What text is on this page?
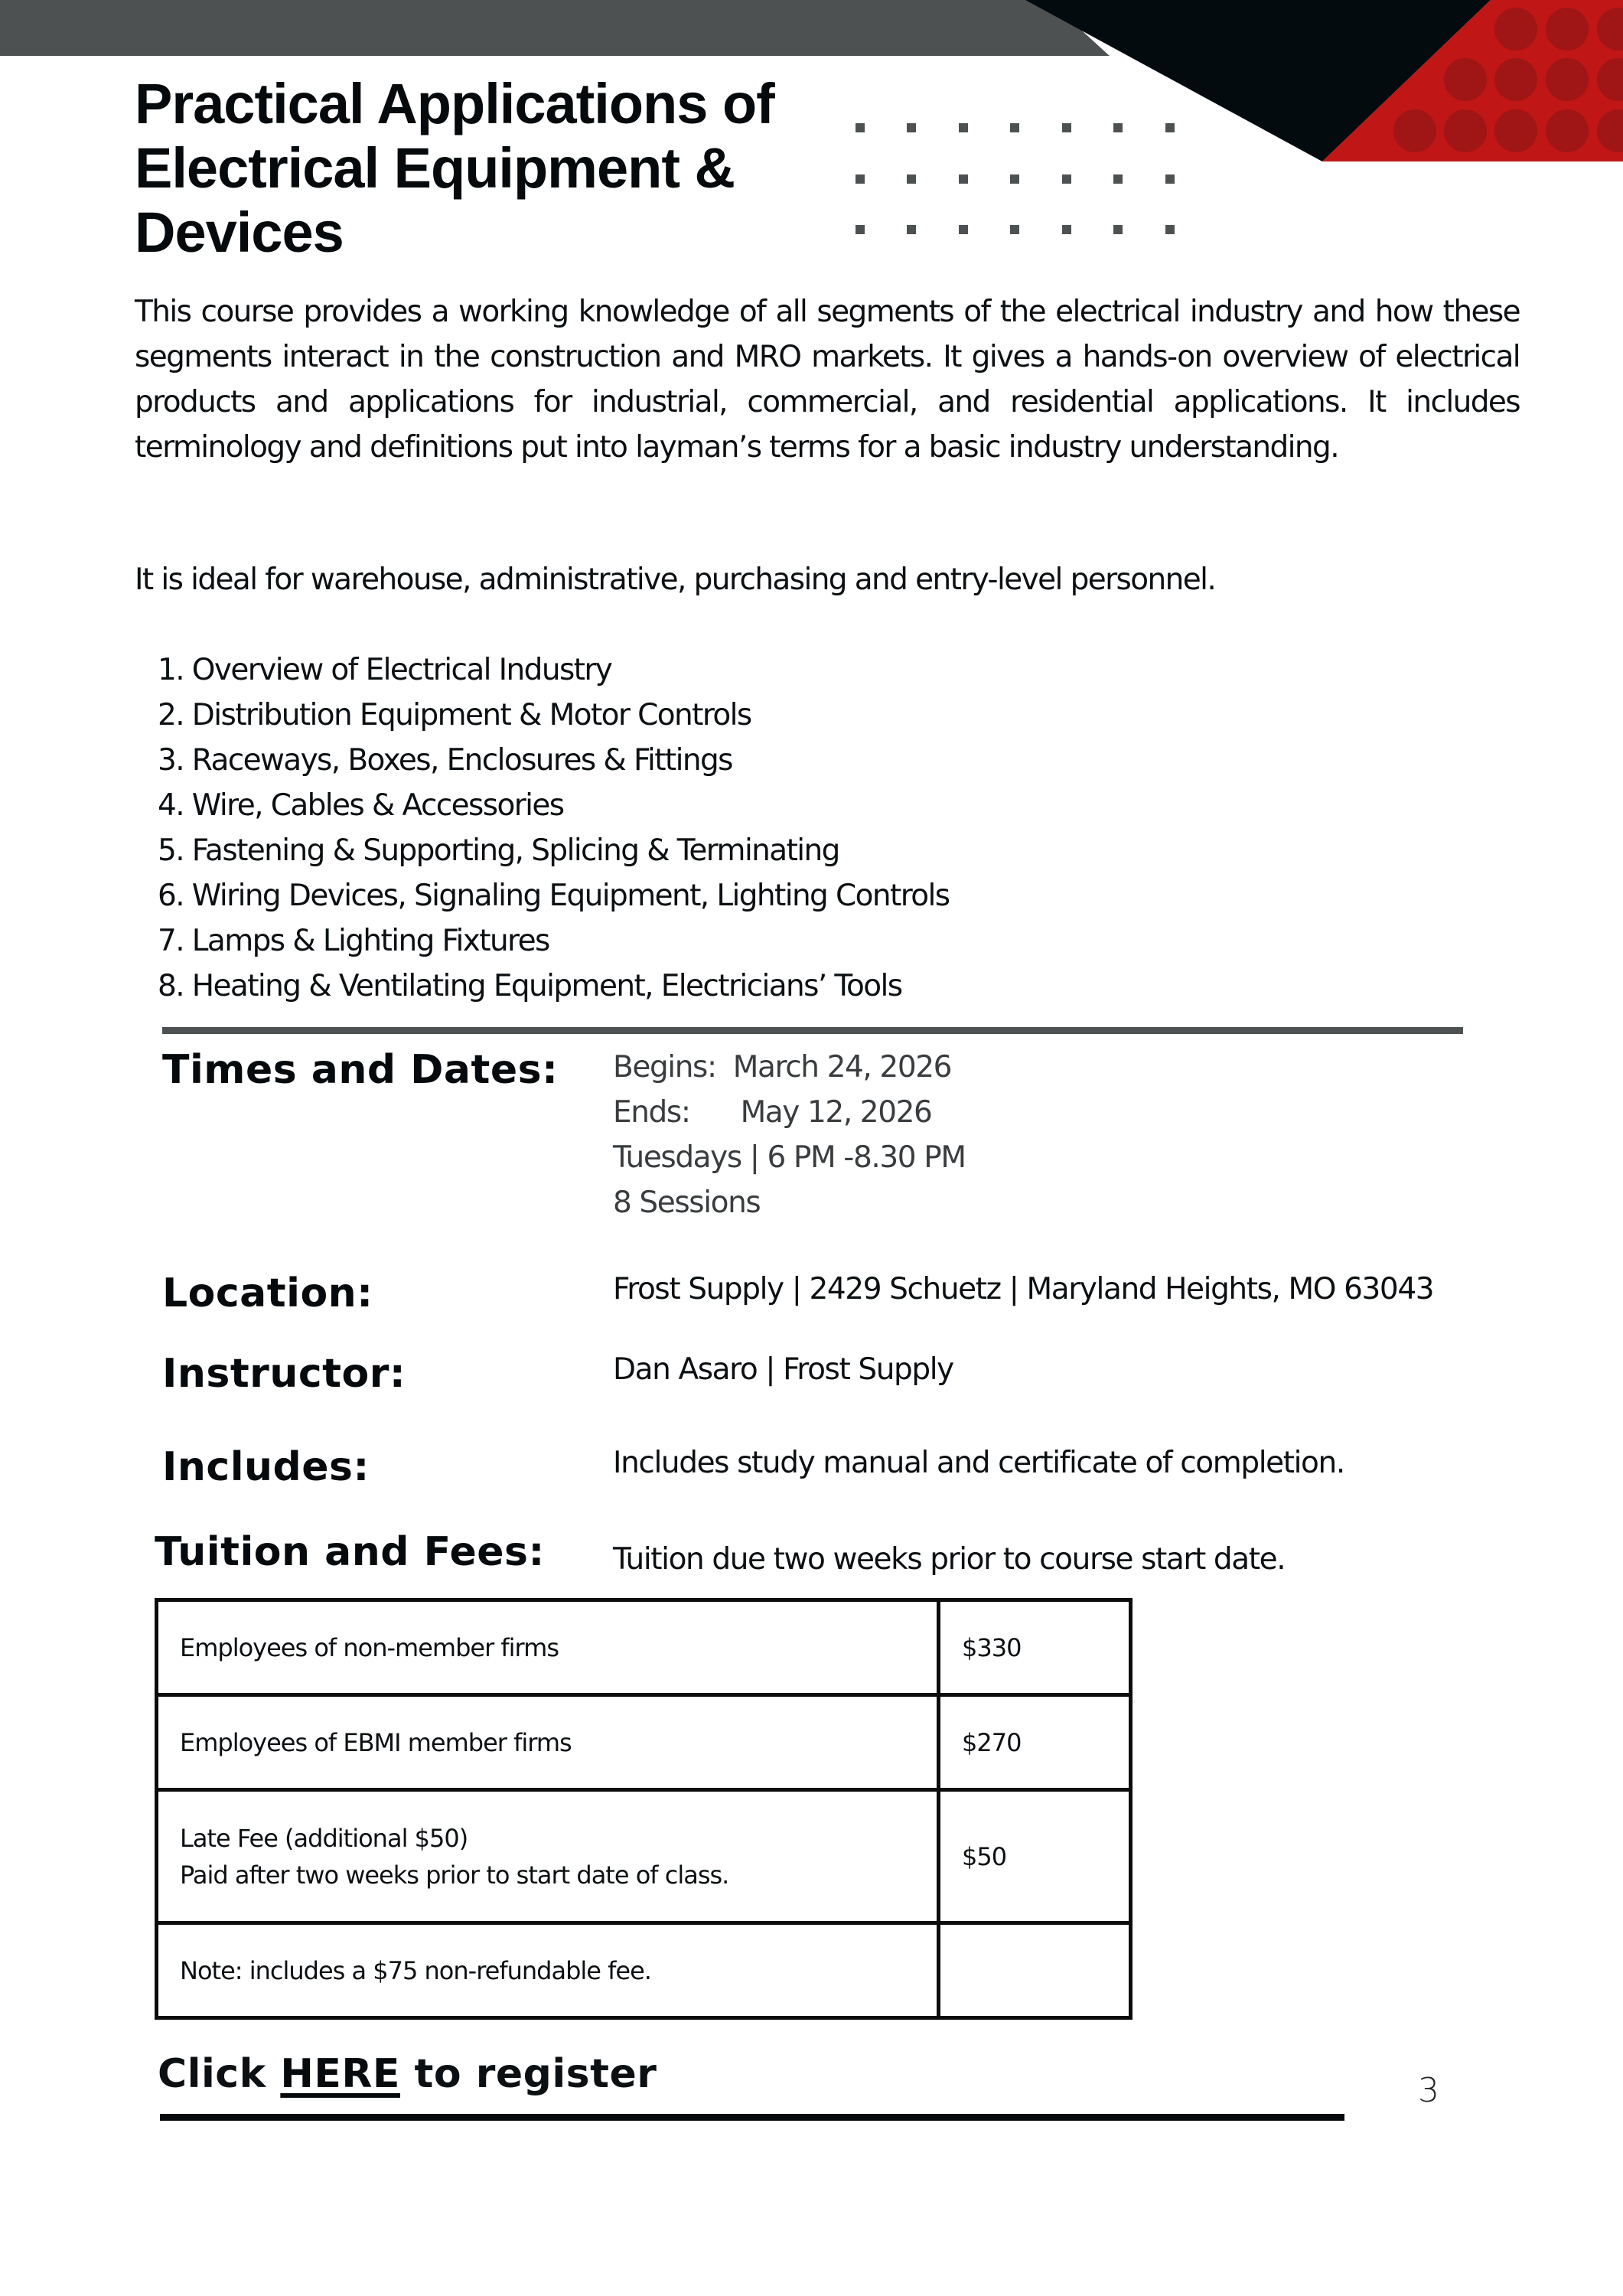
Practical Applications of
Electrical Equipment &
Devices

This course provides a working knowledge of all segments of the electrical industry and how these segments interact in the construction and MRO markets. It gives a hands-on overview of electrical products and applications for industrial, commercial, and residential applications. It includes terminology and definitions put into layman’s terms for a basic industry understanding.

It is ideal for warehouse, administrative, purchasing and entry-level personnel.

1. Overview of Electrical Industry
2. Distribution Equipment & Motor Controls
3. Raceways, Boxes, Enclosures & Fittings
4. Wire, Cables & Accessories
5. Fastening & Supporting, Splicing & Terminating
6. Wiring Devices, Signaling Equipment, Lighting Controls
7. Lamps & Lighting Fixtures
8. Heating & Ventilating Equipment, Electricians’ Tools
Times and Dates: Begins: March 24, 2026
Ends: May 12, 2026
Tuesdays | 6 PM -8.30 PM
8 Sessions
Location:	Frost Supply | 2429 Schuetz | Maryland Heights, MO 63043
Instructor:	Dan Asaro | Frost Supply
Includes:	Includes study manual and certificate of completion.
Tuition and Fees: Tuition due two weeks prior to course start date.
Employees of non-member firms	$330
Employees of EBMI member firms	$270

Late Fee (additional $50)
Paid after two weeks prior to start date of class.	$50
Note: includes a $75 non-refundable fee.	
Click HERE to register	3
